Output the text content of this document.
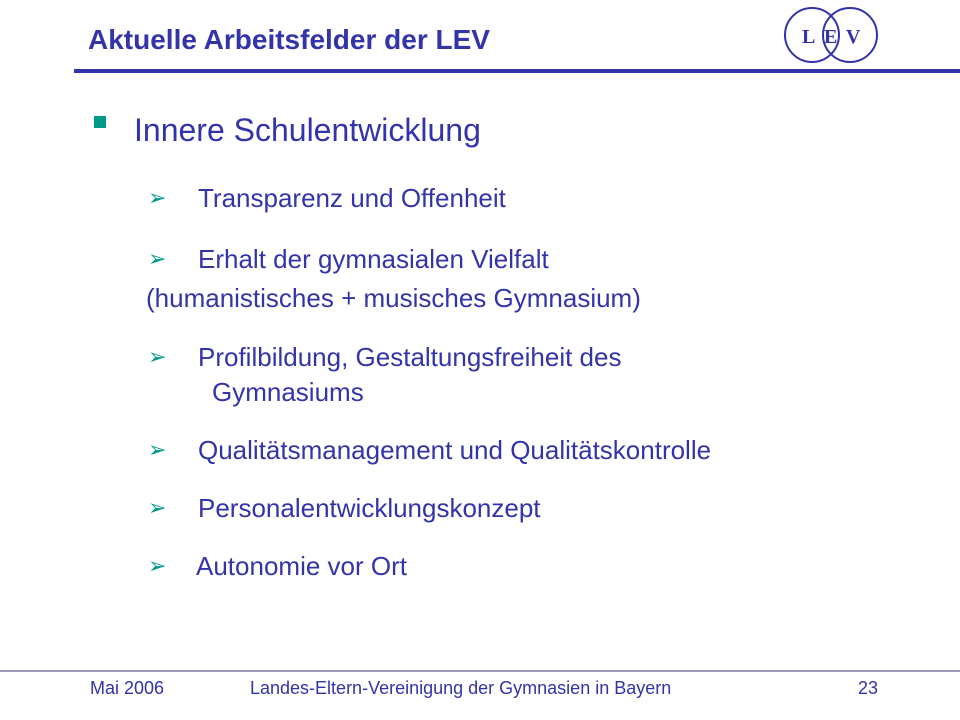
Aktuelle Arbeitsfelder der LEV	L E V
Innere Schulentwicklung
➢ Transparenz und Offenheit
➢ Erhalt der gymnasialen Vielfalt
(humanistisches + musisches Gymnasium)
➢ Profilbildung, Gestaltungsfreiheit des
Gymnasiums
➢ Qualitätsmanagement und Qualitätskontrolle
➢ Personalentwicklungskonzept
➢ Autonomie vor Ort
Mai 2006	Landes-Eltern-Vereinigung der Gymnasien in Bayern	23
